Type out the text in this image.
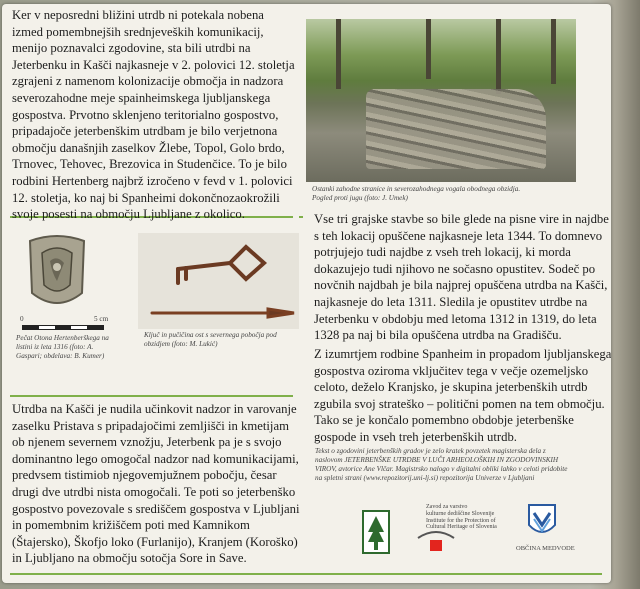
Ker v neposredni bližini utrdb ni potekala nobena
izmed pomembnejših srednjeveških komunikacij,
menijo poznavalci zgodovine, sta bili utrdbi na
Jeterbenku in Kašči najkasneje v 2. polovici 12. stoletja
zgrajeni z namenom kolonizacije območja in nadzora
severozahodne meje spainheimskega ljubljanskega
gospostva. Prvotno sklenjeno teritorialno gospostvo,
pripadajoče jeterbenškim utrdbam je bilo verjetnona
območju današnjih zaselkov Žlebe, Topol, Golo brdo,
Trnovec, Tehovec, Brezovica in Studenčice. To je bilo
rodbini Hertenberg najbrž izročeno v fevd v 1. polovici
12. stoletja, ko naj bi Spanheimi dokončnozaokrožili
svoje posesti na območju Ljubljane z okolico.

Ostanki zahodne stranice in severozahodnega vogala obodnega obzidja.
Pogled proti jugu (foto: J. Umek)

Vse tri grajske stavbe so bile glede na pisne vire in najdbe
s teh lokacij opuščene najkasneje leta 1344. To domnevo
potrjujejo tudi najdbe z vseh treh lokacij, ki morda
dokazujejo tudi njihovo ne sočasno opustitev. Sodeč po
novčnih najdbah je bila najprej opuščena utrdba na Kašči,
najkasneje do leta 1311. Sledila je opustitev utrdbe na
Jeterbenku v obdobju med letoma 1312 in 1319, do leta
1328 pa naj bi bila opuščena utrdba na Gradišču.

Z izumrtjem rodbine Spanheim in propadom ljubljanskega
gospostva oziroma vključitev tega v večje ozemeljsko
celoto, deželo Kranjsko, je skupina jeterbenških utrdb
zgubila svoj strateško – politični pomen na tem območju.
Tako se je končalo pomembno obdobje jeterbenške
gospode in vseh treh jeterbenških utrdb.

0	5 cm
Pečat Otona Hertenberškega na
listini iz leta 1316 (foto: A.
Gaspari; obdelava: B. Kumer)
Ključ in pučičina ost s severnega pobočja pod
obzidjem (foto: M. Lukić)

Utrdba na Kašči je nudila učinkovit nadzor in varovanje
zaselku Pristava s pripadajočimi zemljišči in kmetijam
ob njenem severnem vznožju, Jeterbenk pa je s svojo
dominantno lego omogočal nadzor nad komunikacijami,
predvsem tistimiob njegovemjužnem pobočju, česar
drugi dve utrdbi nista omogočali. Te poti so jeterbenško
gospostvo povezovale s središčem gospostva v Ljubljani
in pomembnim križiščem poti med Kamnikom
(Štajersko), Škofjo loko (Furlanijo), Kranjem (Koroško)
in Ljubljano na območju sotočja Sore in Save.

Tekst o zgodovini jeterbenških gradov je zelo kratek povzetek magisterska dela z
naslovom JETERBENŠKE UTRDBE V LUČI ARHEOLOŠKIH IN ZGODOVINSKIH
VIROV, avtorice Ane Vlčar. Magistrsko nalogo v digitalni obliki lahko v celoti pridobite
na spletni strani (www.repozitorij.uni-lj.si) repozitorija Univerze v Ljubljani
Zavod za varstvo
kulturne dediščine Slovenije
Institute for the Protection of
Cultural Heritage of Slovenia
OBČINA MEDVODE
